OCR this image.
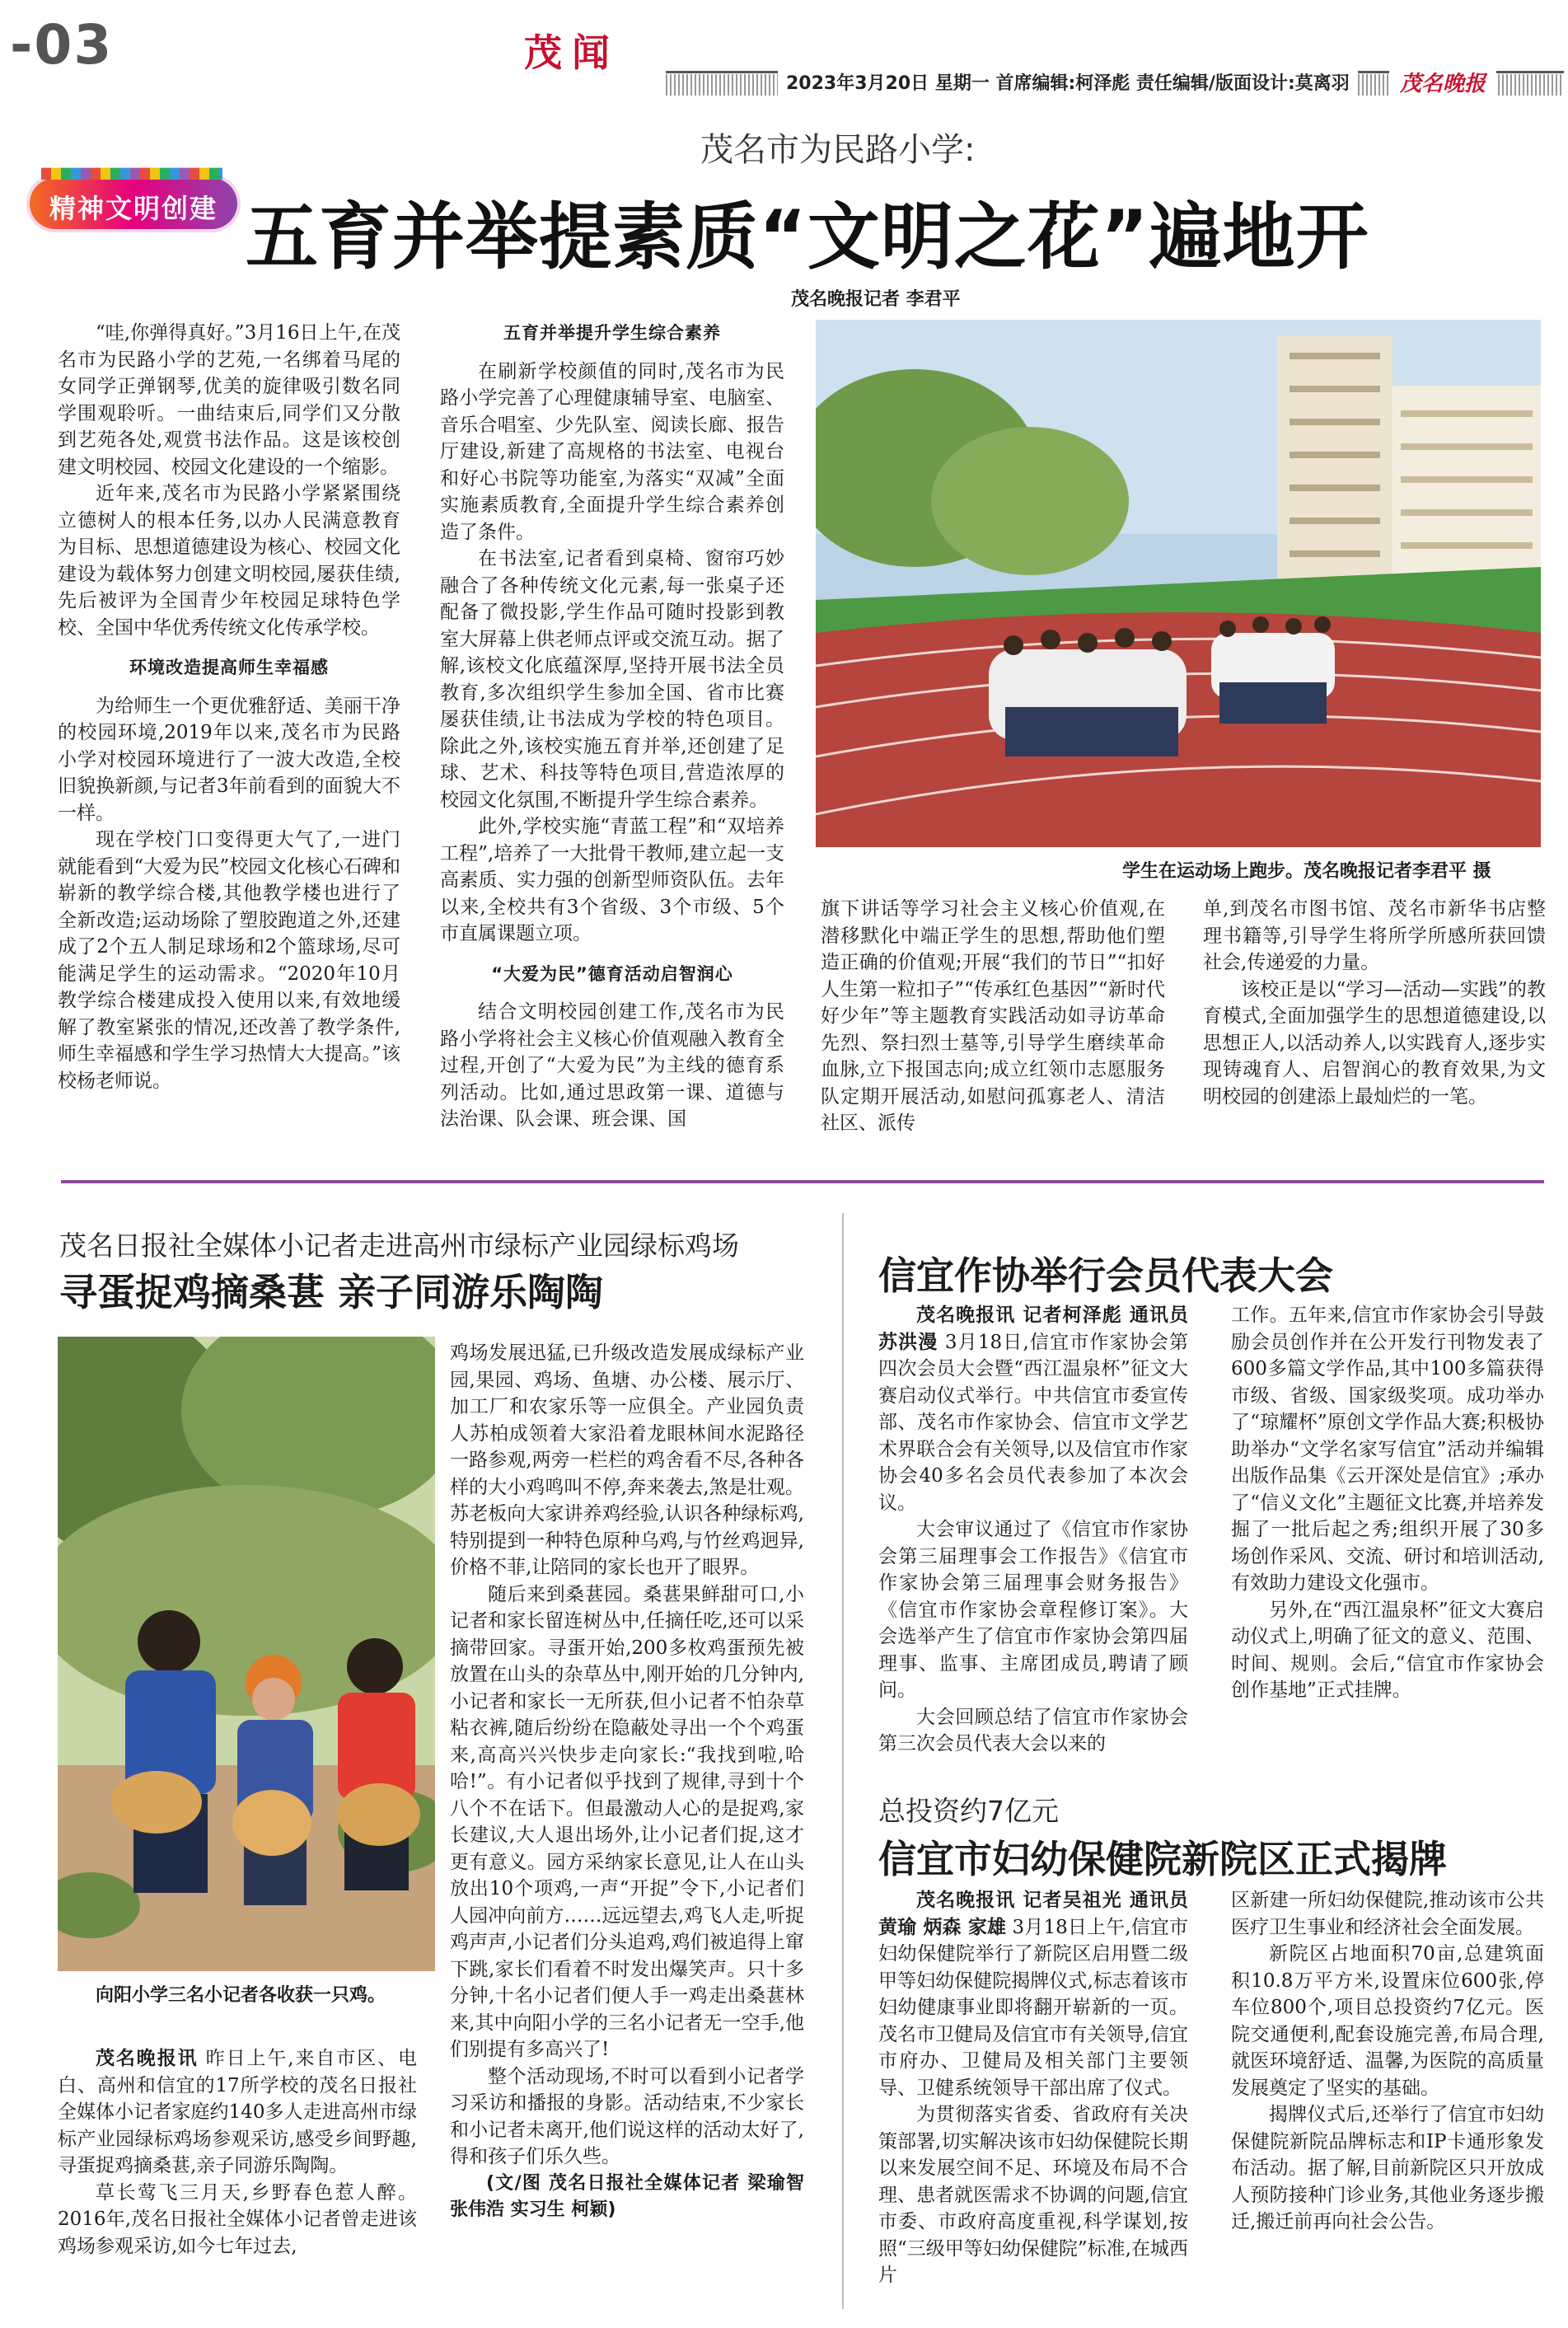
-03	茂闻
2023年3月20日 星期一 首席编辑:柯泽彪 责任编辑/版面设计:莫离羽	茂名晚报
精神文明创建
茂名市为民路小学:
五育并举提素质“文明之花”遍地开
茂名晚报记者 李君平

“哇,你弹得真好。”3月16日上午,在茂名市为民路小学的艺苑,一名绑着马尾的女同学正弹钢琴,优美的旋律吸引数名同学围观聆听。一曲结束后,同学们又分散到艺苑各处,观赏书法作品。这是该校创建文明校园、校园文化建设的一个缩影。

近年来,茂名市为民路小学紧紧围绕立德树人的根本任务,以办人民满意教育为目标、思想道德建设为核心、校园文化建设为载体努力创建文明校园,屡获佳绩,先后被评为全国青少年校园足球特色学校、全国中华优秀传统文化传承学校。

环境改造提高师生幸福感

为给师生一个更优雅舒适、美丽干净的校园环境,2019年以来,茂名市为民路小学对校园环境进行了一波大改造,全校旧貌换新颜,与记者3年前看到的面貌大不一样。

现在学校门口变得更大气了,一进门就能看到“大爱为民”校园文化核心石碑和崭新的教学综合楼,其他教学楼也进行了全新改造;运动场除了塑胶跑道之外,还建成了2个五人制足球场和2个篮球场,尽可能满足学生的运动需求。“2020年10月教学综合楼建成投入使用以来,有效地缓解了教室紧张的情况,还改善了教学条件,师生幸福感和学生学习热情大大提高。”该校杨老师说。

五育并举提升学生综合素养

在刷新学校颜值的同时,茂名市为民路小学完善了心理健康辅导室、电脑室、音乐合唱室、少先队室、阅读长廊、报告厅建设,新建了高规格的书法室、电视台和好心书院等功能室,为落实“双减”全面实施素质教育,全面提升学生综合素养创造了条件。

在书法室,记者看到桌椅、窗帘巧妙融合了各种传统文化元素,每一张桌子还配备了微投影,学生作品可随时投影到教室大屏幕上供老师点评或交流互动。据了解,该校文化底蕴深厚,坚持开展书法全员教育,多次组织学生参加全国、省市比赛屡获佳绩,让书法成为学校的特色项目。除此之外,该校实施五育并举,还创建了足球、艺术、科技等特色项目,营造浓厚的校园文化氛围,不断提升学生综合素养。

此外,学校实施“青蓝工程”和“双培养工程”,培养了一大批骨干教师,建立起一支高素质、实力强的创新型师资队伍。去年以来,全校共有3个省级、3个市级、5个市直属课题立项。

“大爱为民”德育活动启智润心

结合文明校园创建工作,茂名市为民路小学将社会主义核心价值观融入教育全过程,开创了“大爱为民”为主线的德育系列活动。比如,通过思政第一课、道德与法治课、队会课、班会课、国

学生在运动场上跑步。茂名晚报记者李君平 摄
旗下讲话等学习社会主义核心价值观,在潜移默化中端正学生的思想,帮助他们塑造正确的价值观;开展“我们的节日”“扣好人生第一粒扣子”“传承红色基因”“新时代好少年”等主题教育实践活动如寻访革命先烈、祭扫烈士墓等,引导学生磨续革命血脉,立下报国志向;成立红领巾志愿服务队定期开展活动,如慰问孤寡老人、清洁社区、派传

单,到茂名市图书馆、茂名市新华书店整理书籍等,引导学生将所学所感所获回馈社会,传递爱的力量。

该校正是以“学习—活动—实践”的教育模式,全面加强学生的思想道德建设,以思想正人,以活动养人,以实践育人,逐步实现铸魂育人、启智润心的教育效果,为文明校园的创建添上最灿烂的一笔。

茂名日报社全媒体小记者走进高州市绿标产业园绿标鸡场
寻蛋捉鸡摘桑葚 亲子同游乐陶陶
向阳小学三名小记者各收获一只鸡。

茂名晚报讯 昨日上午,来自市区、电白、高州和信宜的17所学校的茂名日报社全媒体小记者家庭约140多人走进高州市绿标产业园绿标鸡场参观采访,感受乡间野趣,寻蛋捉鸡摘桑葚,亲子同游乐陶陶。

草长莺飞三月天,乡野春色惹人醉。2016年,茂名日报社全媒体小记者曾走进该鸡场参观采访,如今七年过去,

鸡场发展迅猛,已升级改造发展成绿标产业园,果园、鸡场、鱼塘、办公楼、展示厅、加工厂和农家乐等一应俱全。产业园负责人苏柏成领着大家沿着龙眼林间水泥路径一路参观,两旁一栏栏的鸡舍看不尽,各种各样的大小鸡鸣叫不停,奔来袭去,煞是壮观。苏老板向大家讲养鸡经验,认识各种绿标鸡,特别提到一种特色原种乌鸡,与竹丝鸡迥异,价格不菲,让陪同的家长也开了眼界。

随后来到桑葚园。桑葚果鲜甜可口,小记者和家长留连树丛中,任摘任吃,还可以采摘带回家。寻蛋开始,200多枚鸡蛋预先被放置在山头的杂草丛中,刚开始的几分钟内,小记者和家长一无所获,但小记者不怕杂草粘衣裤,随后纷纷在隐蔽处寻出一个个鸡蛋来,高高兴兴快步走向家长:“我找到啦,哈哈!”。有小记者似乎找到了规律,寻到十个八个不在话下。但最激动人心的是捉鸡,家长建议,大人退出场外,让小记者们捉,这才更有意义。园方采纳家长意见,让人在山头放出10个项鸡,一声“开捉”令下,小记者们人园冲向前方……远远望去,鸡飞人走,听捉鸡声声,小记者们分头追鸡,鸡们被追得上窜下跳,家长们看着不时发出爆笑声。只十多分钟,十名小记者们便人手一鸡走出桑葚林来,其中向阳小学的三名小记者无一空手,他们别提有多高兴了!

整个活动现场,不时可以看到小记者学习采访和播报的身影。活动结束,不少家长和小记者未离开,他们说这样的活动太好了,得和孩子们乐久些。

(文/图 茂名日报社全媒体记者 梁瑜智 张伟浩 实习生 柯颖)

信宜作协举行会员代表大会

茂名晚报讯 记者柯泽彪 通讯员苏洪漫 3月18日,信宜市作家协会第四次会员大会暨“西江温泉杯”征文大赛启动仪式举行。中共信宜市委宣传部、茂名市作家协会、信宜市文学艺术界联合会有关领导,以及信宜市作家协会40多名会员代表参加了本次会议。

大会审议通过了《信宜市作家协会第三届理事会工作报告》《信宜市作家协会第三届理事会财务报告》《信宜市作家协会章程修订案》。大会选举产生了信宜市作家协会第四届理事、监事、主席团成员,聘请了顾问。

大会回顾总结了信宜市作家协会第三次会员代表大会以来的

工作。五年来,信宜市作家协会引导鼓励会员创作并在公开发行刊物发表了600多篇文学作品,其中100多篇获得市级、省级、国家级奖项。成功举办了“琼耀杯”原创文学作品大赛;积极协助举办“文学名家写信宜”活动并编辑出版作品集《云开深处是信宜》;承办了“信义文化”主题征文比赛,并培养发掘了一批后起之秀;组织开展了30多场创作采风、交流、研讨和培训活动,有效助力建设文化强市。

另外,在“西江温泉杯”征文大赛启动仪式上,明确了征文的意义、范围、时间、规则。会后,“信宜市作家协会创作基地”正式挂牌。

总投资约7亿元
信宜市妇幼保健院新院区正式揭牌

茂名晚报讯 记者吴祖光 通讯员黄瑜 炳森 家雄 3月18日上午,信宜市妇幼保健院举行了新院区启用暨二级甲等妇幼保健院揭牌仪式,标志着该市妇幼健康事业即将翻开崭新的一页。茂名市卫健局及信宜市有关领导,信宜市府办、卫健局及相关部门主要领导、卫健系统领导干部出席了仪式。

为贯彻落实省委、省政府有关决策部署,切实解决该市妇幼保健院长期以来发展空间不足、环境及布局不合理、患者就医需求不协调的问题,信宜市委、市政府高度重视,科学谋划,按照“三级甲等妇幼保健院”标准,在城西片

区新建一所妇幼保健院,推动该市公共医疗卫生事业和经济社会全面发展。

新院区占地面积70亩,总建筑面积10.8万平方米,设置床位600张,停车位800个,项目总投资约7亿元。医院交通便利,配套设施完善,布局合理,就医环境舒适、温馨,为医院的高质量发展奠定了坚实的基础。

揭牌仪式后,还举行了信宜市妇幼保健院新院品牌标志和IP卡通形象发布活动。据了解,目前新院区只开放成人预防接种门诊业务,其他业务逐步搬迁,搬迁前再向社会公告。
